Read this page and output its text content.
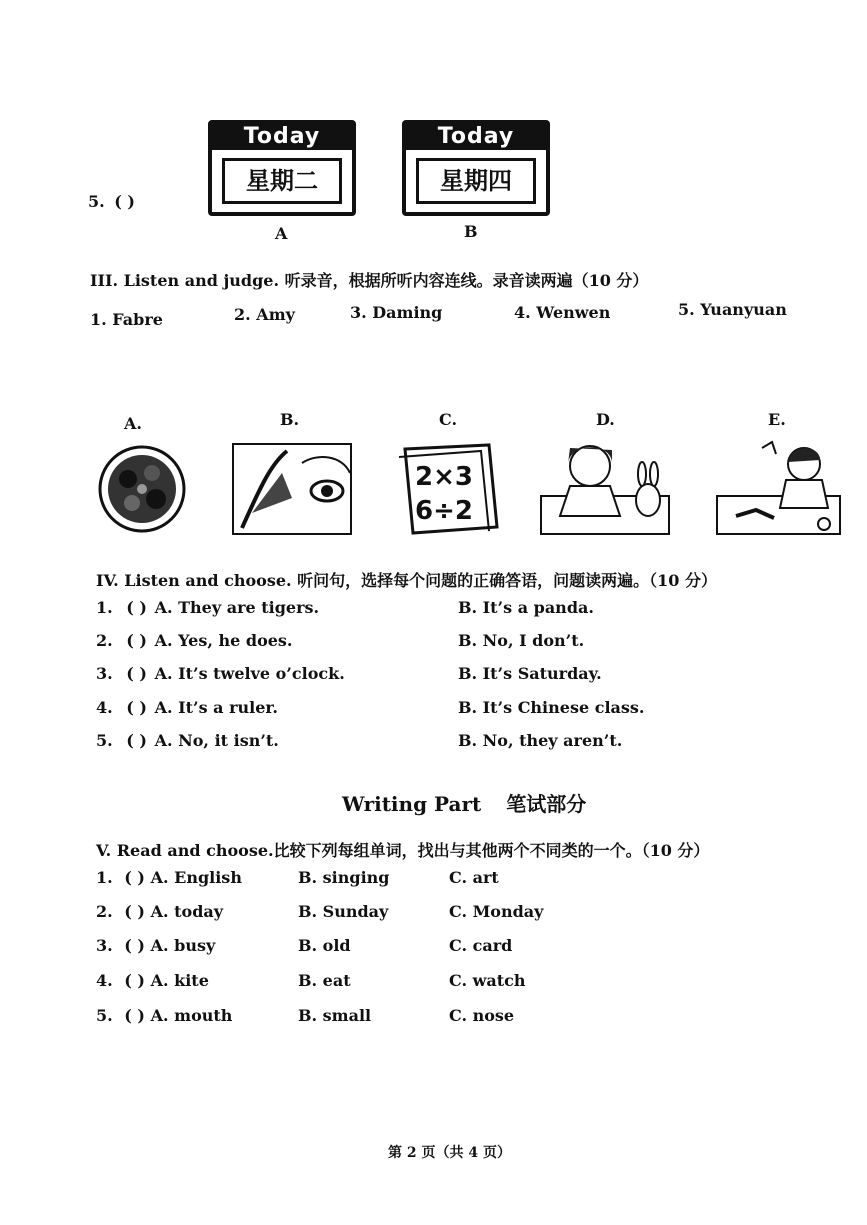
5. ( )
Today
星期二
Today
星期四
A	B
III. Listen and judge. 听录音，根据所听内容连线。录音读两遍（10 分）
1. Fabre	2. Amy	3. Daming	4. Wenwen	5. Yuanyuan
A.	B.	C.	D.	E.
2×3
6÷2
IV. Listen and choose. 听问句，选择每个问题的正确答语，问题读两遍。（10 分）
1. ( ) A. They are tigers.	B. It’s a panda.
2. ( ) A. Yes, he does.	B. No, I don’t.
3. ( ) A. It’s twelve o’clock.	B. It’s Saturday.
4. ( ) A. It’s a ruler.	B. It’s Chinese class.
5. ( ) A. No, it isn’t.	B. No, they aren’t.
Writing Part 笔试部分
V. Read and choose.比较下列每组单词，找出与其他两个不同类的一个。（10 分）
1. ( ) A. English	B. singing	C. art
2. ( ) A. today	B. Sunday	C. Monday
3. ( ) A. busy	B. old	C. card
4. ( ) A. kite	B. eat	C. watch
5. ( ) A. mouth	B. small	C. nose
第 2 页（共 4 页）
